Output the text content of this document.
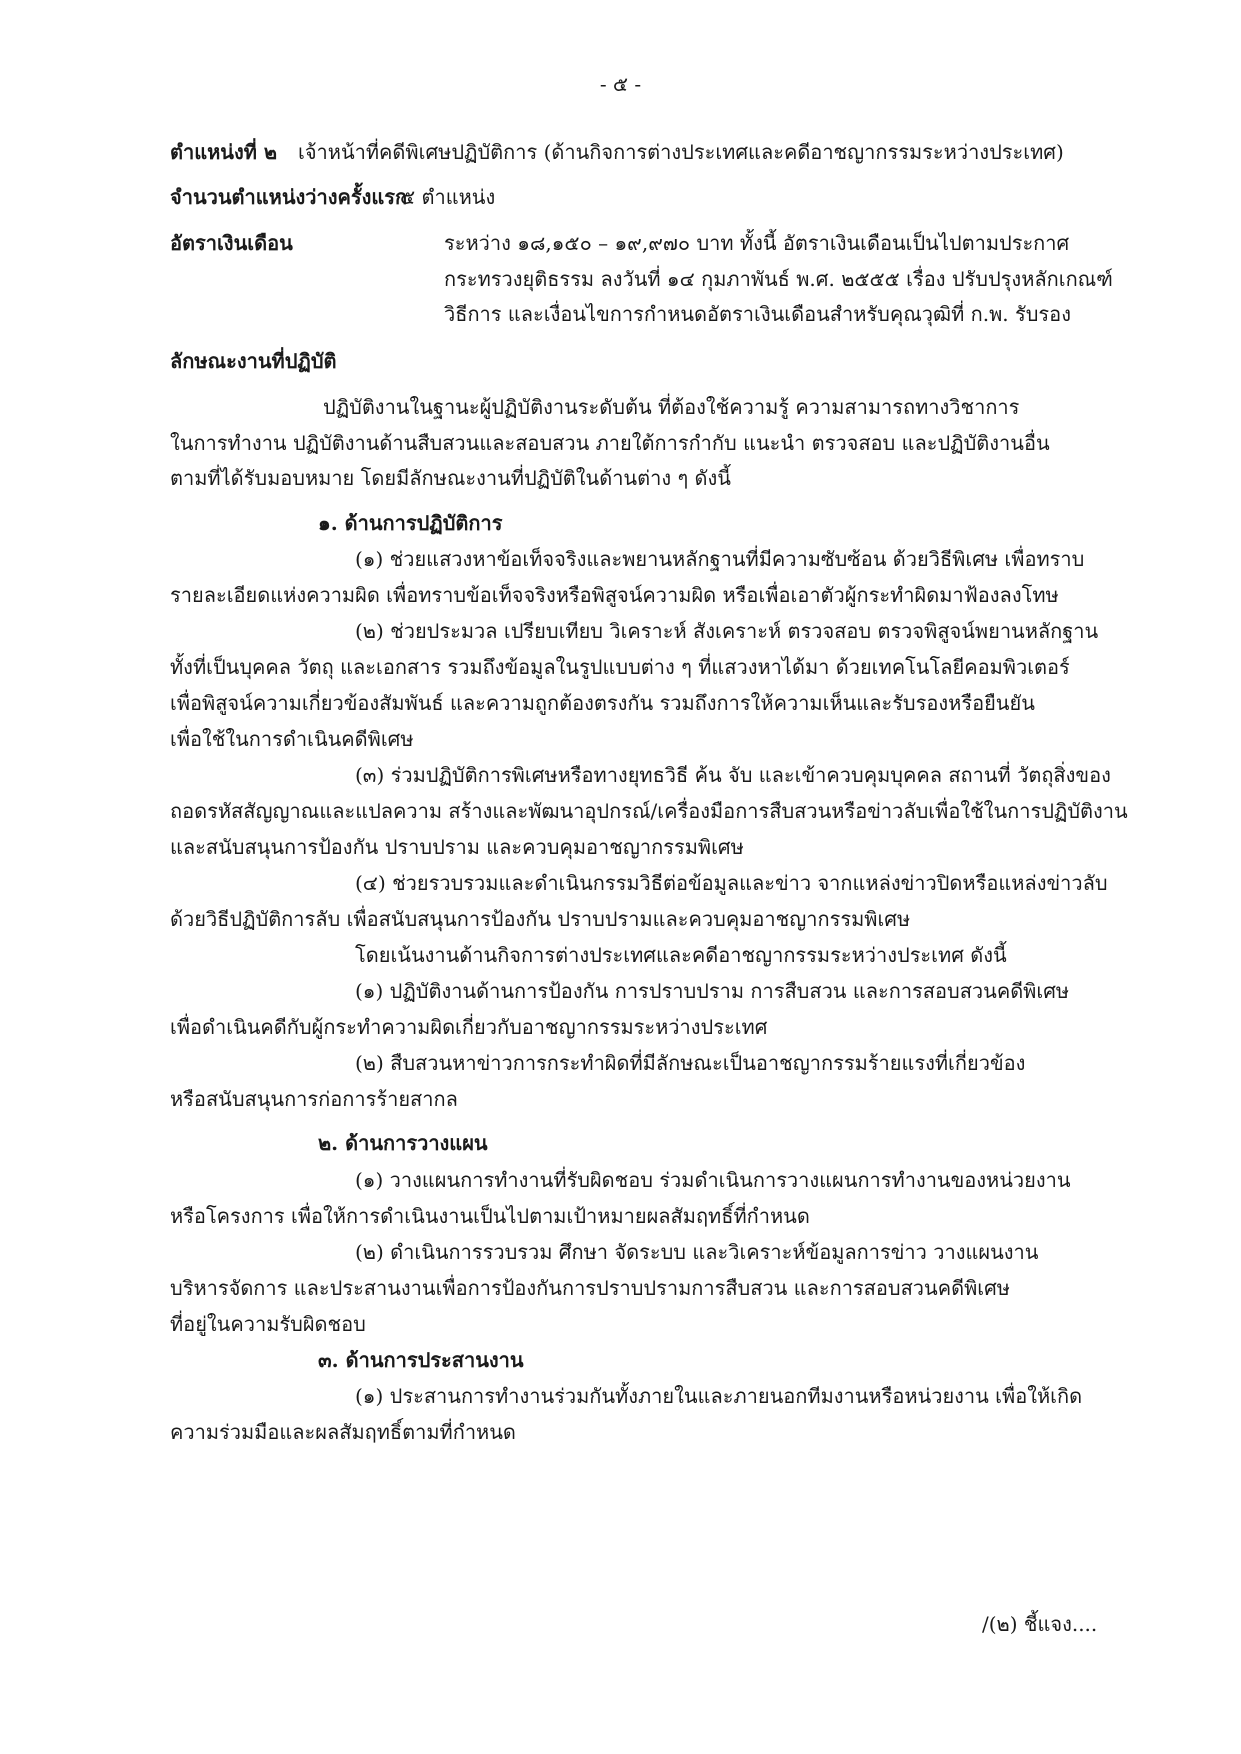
- ๕ -
ตำแหน่งที่ ๒ เจ้าหน้าที่คดีพิเศษปฏิบัติการ (ด้านกิจการต่างประเทศและคดีอาชญากรรมระหว่างประเทศ)
จำนวนตำแหน่งว่างครั้งแรก๕ ตำแหน่ง
อัตราเงินเดือน	ระหว่าง ๑๘,๑๕๐ – ๑๙,๙๗๐ บาท ทั้งนี้ อัตราเงินเดือนเป็นไปตามประกาศ
กระทรวงยุติธรรม ลงวันที่ ๑๔ กุมภาพันธ์ พ.ศ. ๒๕๕๕ เรื่อง ปรับปรุงหลักเกณฑ์
วิธีการ และเงื่อนไขการกำหนดอัตราเงินเดือนสำหรับคุณวุฒิที่ ก.พ. รับรอง
ลักษณะงานที่ปฏิบัติ
ปฏิบัติงานในฐานะผู้ปฏิบัติงานระดับต้น ที่ต้องใช้ความรู้ ความสามารถทางวิชาการ
ในการทำงาน ปฏิบัติงานด้านสืบสวนและสอบสวน ภายใต้การกำกับ แนะนำ ตรวจสอบ และปฏิบัติงานอื่น
ตามที่ได้รับมอบหมาย โดยมีลักษณะงานที่ปฏิบัติในด้านต่าง ๆ ดังนี้
๑. ด้านการปฏิบัติการ
(๑) ช่วยแสวงหาข้อเท็จจริงและพยานหลักฐานที่มีความซับซ้อน ด้วยวิธีพิเศษ เพื่อทราบ
รายละเอียดแห่งความผิด เพื่อทราบข้อเท็จจริงหรือพิสูจน์ความผิด หรือเพื่อเอาตัวผู้กระทำผิดมาฟ้องลงโทษ
(๒) ช่วยประมวล เปรียบเทียบ วิเคราะห์ สังเคราะห์ ตรวจสอบ ตรวจพิสูจน์พยานหลักฐาน
ทั้งที่เป็นบุคคล วัตถุ และเอกสาร รวมถึงข้อมูลในรูปแบบต่าง ๆ ที่แสวงหาได้มา ด้วยเทคโนโลยีคอมพิวเตอร์
เพื่อพิสูจน์ความเกี่ยวข้องสัมพันธ์ และความถูกต้องตรงกัน รวมถึงการให้ความเห็นและรับรองหรือยืนยัน
เพื่อใช้ในการดำเนินคดีพิเศษ
(๓) ร่วมปฏิบัติการพิเศษหรือทางยุทธวิธี ค้น จับ และเข้าควบคุมบุคคล สถานที่ วัตถุสิ่งของ
ถอดรหัสสัญญาณและแปลความ สร้างและพัฒนาอุปกรณ์/เครื่องมือการสืบสวนหรือข่าวลับเพื่อใช้ในการปฏิบัติงาน
และสนับสนุนการป้องกัน ปราบปราม และควบคุมอาชญากรรมพิเศษ
(๔) ช่วยรวบรวมและดำเนินกรรมวิธีต่อข้อมูลและข่าว จากแหล่งข่าวปิดหรือแหล่งข่าวลับ
ด้วยวิธีปฏิบัติการลับ เพื่อสนับสนุนการป้องกัน ปราบปรามและควบคุมอาชญากรรมพิเศษ
โดยเน้นงานด้านกิจการต่างประเทศและคดีอาชญากรรมระหว่างประเทศ ดังนี้
(๑) ปฏิบัติงานด้านการป้องกัน การปราบปราม การสืบสวน และการสอบสวนคดีพิเศษ
เพื่อดำเนินคดีกับผู้กระทำความผิดเกี่ยวกับอาชญากรรมระหว่างประเทศ
(๒) สืบสวนหาข่าวการกระทำผิดที่มีลักษณะเป็นอาชญากรรมร้ายแรงที่เกี่ยวข้อง
หรือสนับสนุนการก่อการร้ายสากล
๒. ด้านการวางแผน
(๑) วางแผนการทำงานที่รับผิดชอบ ร่วมดำเนินการวางแผนการทำงานของหน่วยงาน
หรือโครงการ เพื่อให้การดำเนินงานเป็นไปตามเป้าหมายผลสัมฤทธิ์ที่กำหนด
(๒) ดำเนินการรวบรวม ศึกษา จัดระบบ และวิเคราะห์ข้อมูลการข่าว วางแผนงาน
บริหารจัดการ และประสานงานเพื่อการป้องกันการปราบปรามการสืบสวน และการสอบสวนคดีพิเศษ
ที่อยู่ในความรับผิดชอบ
๓. ด้านการประสานงาน
(๑) ประสานการทำงานร่วมกันทั้งภายในและภายนอกทีมงานหรือหน่วยงาน เพื่อให้เกิด
ความร่วมมือและผลสัมฤทธิ์ตามที่กำหนด
/(๒) ชี้แจง....
